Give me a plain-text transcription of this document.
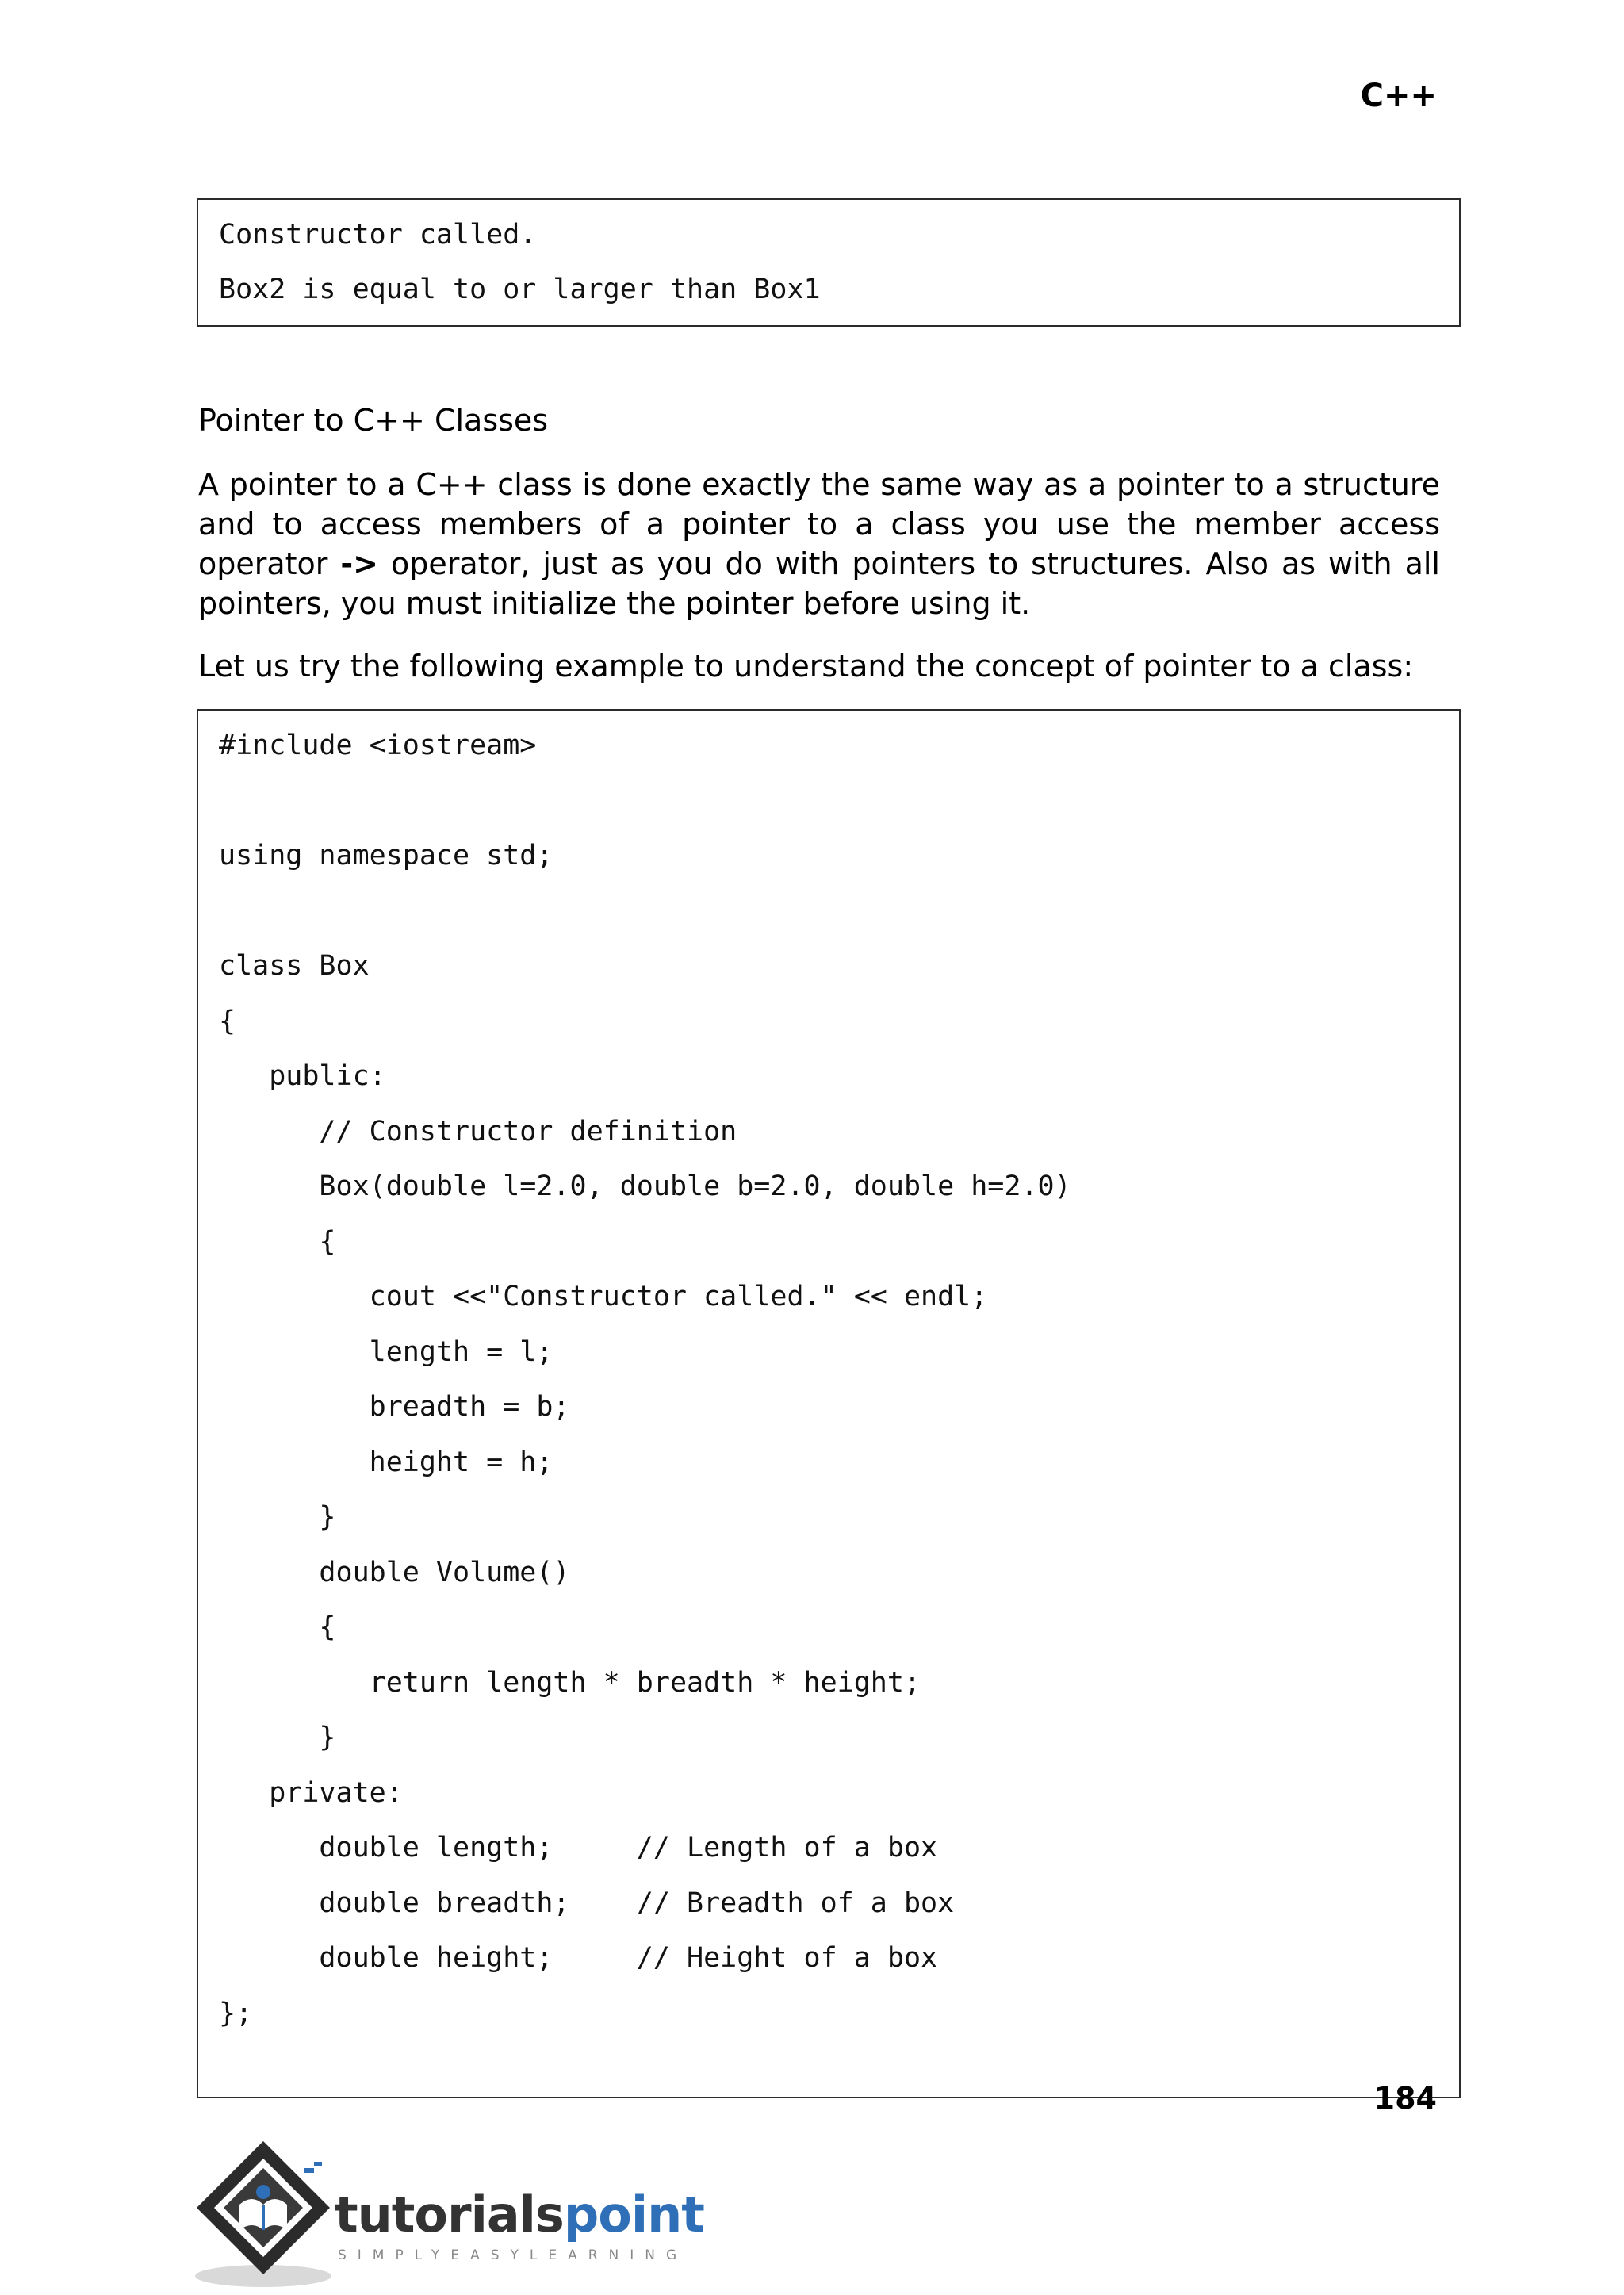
C++
Constructor called.
Box2 is equal to or larger than Box1
Pointer to C++ Classes

A pointer to a C++ class is done exactly the same way as a pointer to a structure and to access members of a pointer to a class you use the member access operator -> operator, just as you do with pointers to structures. Also as with all pointers, you must initialize the pointer before using it.

Let us try the following example to understand the concept of pointer to a class:

#include <iostream>
using namespace std;
class Box
{
public:
// Constructor definition
Box(double l=2.0, double b=2.0, double h=2.0)
{
cout <<"Constructor called." << endl;
length = l;
breadth = b;
height = h;
}
double Volume()
{
return length * breadth * height;
}
private:
double length;     // Length of a box
double breadth;    // Breadth of a box
double height;     // Height of a box
};
184
tutorialspoint
SIMPLYEASYLEARNING
